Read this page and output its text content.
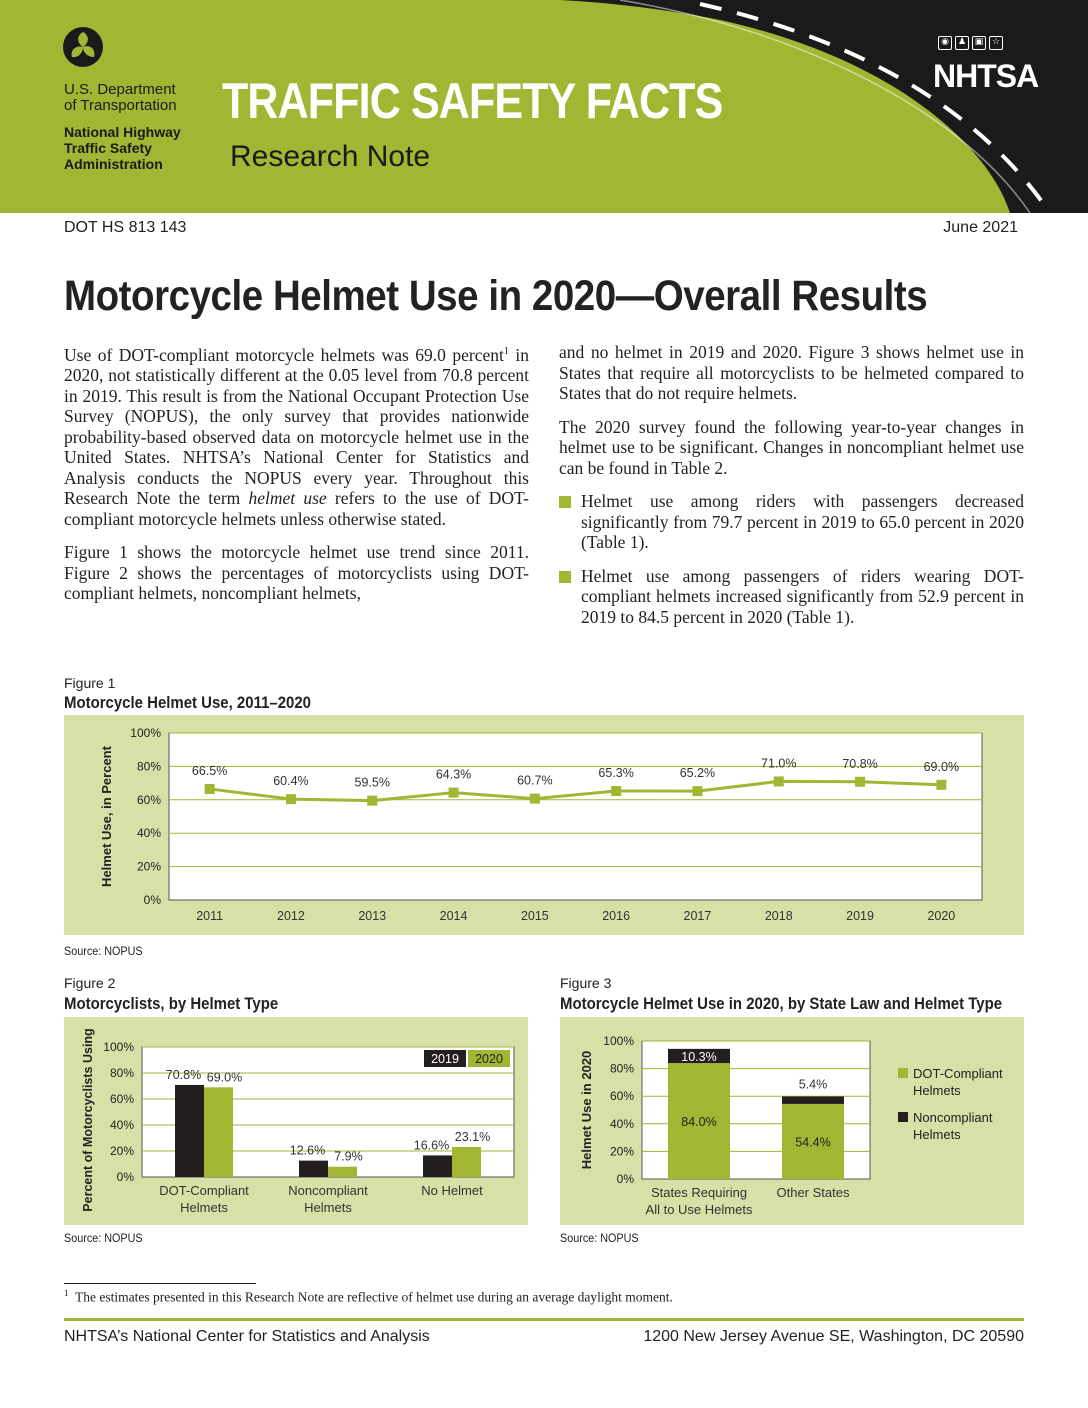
U.S. Department
of Transportation
National Highway
Traffic Safety
Administration
TRAFFIC SAFETY FACTS
Research Note
◉	♟ ▣ ☆
NHTSA
DOT HS 813 143	June 2021
Motorcycle Helmet Use in 2020—Overall Results

Use of DOT-compliant motorcycle helmets was 69.0 percent$^1$ in 2020, not statistically different at the 0.05 level from 70.8 percent in 2019. This result is from the National Occupant Protection Use Survey (NOPUS), the only survey that provides nationwide probability-based observed data on motorcycle helmet use in the United States. NHTSA’s National Center for Statistics and Analysis conducts the NOPUS every year. Throughout this Research Note the term helmet use refers to the use of DOT-compliant motorcycle helmets unless otherwise stated.

Figure 1 shows the motorcycle helmet use trend since 2011. Figure 2 shows the percentages of motorcyclists using DOT-compliant helmets, noncompliant helmets,

and no helmet in 2019 and 2020. Figure 3 shows helmet use in States that require all motorcyclists to be helmeted compared to States that do not require helmets.

The 2020 survey found the following year-to-year changes in helmet use to be significant. Changes in noncompliant helmet use can be found in Table 2.

Helmet use among riders with passengers decreased significantly from 79.7 percent in 2019 to 65.0 percent in 2020 (Table 1).
Helmet use among passengers of riders wearing DOT-compliant helmets increased significantly from 52.9 percent in 2019 to 84.5 percent in 2020 (Table 1).
Figure 1
Motorcycle Helmet Use, 2011–2020
0%
20%
40%
60%
80%
100%
66.5%
2011
60.4%
2012
59.5%
2013
64.3%
2014
60.7%
2015
65.3%
2016
65.2%
2017
71.0%
2018
70.8%
2019
69.0%
2020
Helmet Use, in Percent
Source: NOPUS
Figure 2
Motorcyclists, by Helmet Type
0%
20%
40%
60%
80%
100%
70.8% 69.0%
DOT-Compliant
Helmets
12.6% 7.9%
Noncompliant
Helmets
16.6%
23.1%
No Helmet
2019 2020
Percent of Motorcyclists Using
Source: NOPUS
Figure 3
Motorcycle Helmet Use in 2020, by State Law and Helmet Type
0%
20%
40%
60%
80%
100%
84.0%
10.3%
States Requiring
All to Use Helmets
54.4%
5.4%
Other States
DOT-Compliant
Helmets
Noncompliant
Helmets
Helmet Use in 2020
Source: NOPUS
$^1$ The estimates presented in this Research Note are reflective of helmet use during an average daylight moment.
NHTSA’s National Center for Statistics and Analysis	1200 New Jersey Avenue SE, Washington, DC 20590
